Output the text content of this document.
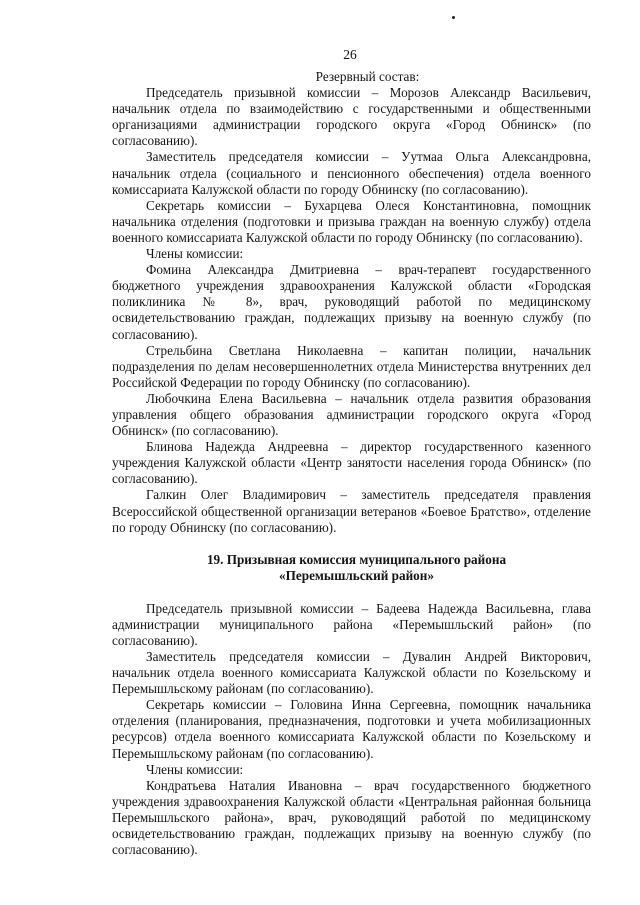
26
Резервный состав:

Председатель призывной комиссии – Морозов Александр Васильевич, начальник отдела по взаимодействию с государственными и общественными организациями администрации городского округа «Город Обнинск» (по согласованию).

Заместитель председателя комиссии – Уутмаа Ольга Александровна, начальник отдела (социального и пенсионного обеспечения) отдела военного комиссариата Калужской области по городу Обнинску (по согласованию).

Секретарь комиссии – Бухарцева Олеся Константиновна, помощник начальника отделения (подготовки и призыва граждан на военную службу) отдела военного комиссариата Калужской области по городу Обнинску (по согласованию).

Члены комиссии:

Фомина Александра Дмитриевна – врач-терапевт государственного бюджетного учреждения здравоохранения Калужской области «Городская поликлиника № 8», врач, руководящий работой по медицинскому освидетельствованию граждан, подлежащих призыву на военную службу (по согласованию).

Стрельбина Светлана Николаевна – капитан полиции, начальник подразделения по делам несовершеннолетних отдела Министерства внутренних дел Российской Федерации по городу Обнинску (по согласованию).

Любочкина Елена Васильевна – начальник отдела развития образования управления общего образования администрации городского округа «Город Обнинск» (по согласованию).

Блинова Надежда Андреевна – директор государственного казенного учреждения Калужской области «Центр занятости населения города Обнинск» (по согласованию).

Галкин Олег Владимирович – заместитель председателя правления Всероссийской общественной организации ветеранов «Боевое Братство», отделение по городу Обнинску (по согласованию).

19. Призывная комиссия муниципального района
«Перемышльский район»

Председатель призывной комиссии – Бадеева Надежда Васильевна, глава администрации муниципального района «Перемышльский район» (по согласованию).

Заместитель председателя комиссии – Дувалин Андрей Викторович, начальник отдела военного комиссариата Калужской области по Козельскому и Перемышльскому районам (по согласованию).

Секретарь комиссии – Головина Инна Сергеевна, помощник начальника отделения (планирования, предназначения, подготовки и учета мобилизационных ресурсов) отдела военного комиссариата Калужской области по Козельскому и Перемышльскому районам (по согласованию).

Члены комиссии:

Кондратьева Наталия Ивановна – врач государственного бюджетного учреждения здравоохранения Калужской области «Центральная районная больница Перемышльского района», врач, руководящий работой по медицинскому освидетельствованию граждан, подлежащих призыву на военную службу (по согласованию).
